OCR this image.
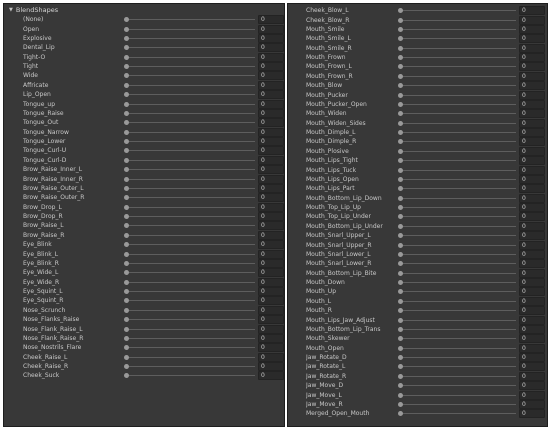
▼ BlendShapes
(None)	0
Open	0
Explosive	0
Dental_Lip	0
Tight-O	0
Tight	0
Wide	0
Affricate	0
Lip_Open	0
Tongue_up	0
Tongue_Raise	0
Tongue_Out	0
Tongue_Narrow	0
Tongue_Lower	0
Tongue_Curl-U	0
Tongue_Curl-D	0
Brow_Raise_Inner_L	0
Brow_Raise_Inner_R	0
Brow_Raise_Outer_L	0
Brow_Raise_Outer_R	0
Brow_Drop_L	0
Brow_Drop_R	0
Brow_Raise_L	0
Brow_Raise_R	0
Eye_Blink	0
Eye_Blink_L	0
Eye_Blink_R	0
Eye_Wide_L	0
Eye_Wide_R	0
Eye_Squint_L	0
Eye_Squint_R	0
Nose_Scrunch	0
Nose_Flanks_Raise	0
Nose_Flank_Raise_L	0
Nose_Flank_Raise_R	0
Nose_Nostrils_Flare	0
Cheek_Raise_L	0
Cheek_Raise_R	0
Cheek_Suck	0
Cheek_Blow_L	0
Cheek_Blow_R	0
Mouth_Smile	0
Mouth_Smile_L	0
Mouth_Smile_R	0
Mouth_Frown	0
Mouth_Frown_L	0
Mouth_Frown_R	0
Mouth_Blow	0
Mouth_Pucker	0
Mouth_Pucker_Open	0
Mouth_Widen	0
Mouth_Widen_Sides	0
Mouth_Dimple_L	0
Mouth_Dimple_R	0
Mouth_Plosive	0
Mouth_Lips_Tight	0
Mouth_Lips_Tuck	0
Mouth_Lips_Open	0
Mouth_Lips_Part	0
Mouth_Bottom_Lip_Down	0
Mouth_Top_Lip_Up	0
Mouth_Top_Lip_Under	0
Mouth_Bottom_Lip_Under	0
Mouth_Snarl_Upper_L	0
Mouth_Snarl_Upper_R	0
Mouth_Snarl_Lower_L	0
Mouth_Snarl_Lower_R	0
Mouth_Bottom_Lip_Bite	0
Mouth_Down	0
Mouth_Up	0
Mouth_L	0
Mouth_R	0
Mouth_Lips_Jaw_Adjust	0
Mouth_Bottom_Lip_Trans	0
Mouth_Skewer	0
Mouth_Open	0
Jaw_Rotate_D	0
Jaw_Rotate_L	0
Jaw_Rotate_R	0
Jaw_Move_D	0
Jaw_Move_L	0
Jaw_Move_R	0
Merged_Open_Mouth	0
